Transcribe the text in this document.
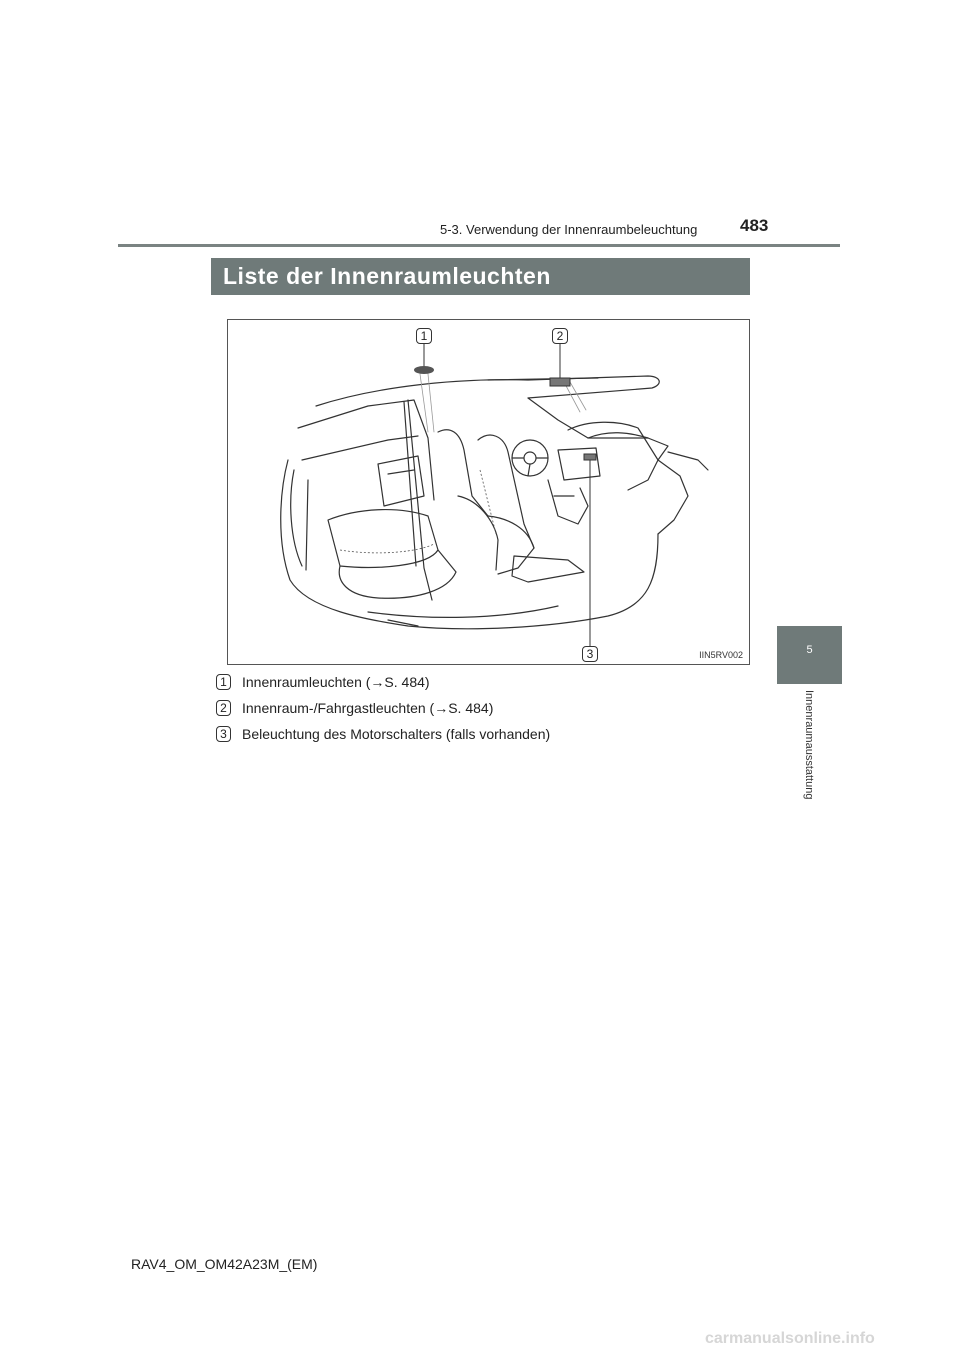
5-3. Verwendung der Innenraumbeleuchtung	483
Liste der Innenraumleuchten
1	2
3	IIN5RV002
1 Innenraumleuchten (→S. 484)
2 Innenraum-/Fahrgastleuchten (→S. 484)
3 Beleuchtung des Motorschalters (falls vorhanden)
5
Innenraumausstattung
RAV4_OM_OM42A23M_(EM)
carmanualsonline.info
